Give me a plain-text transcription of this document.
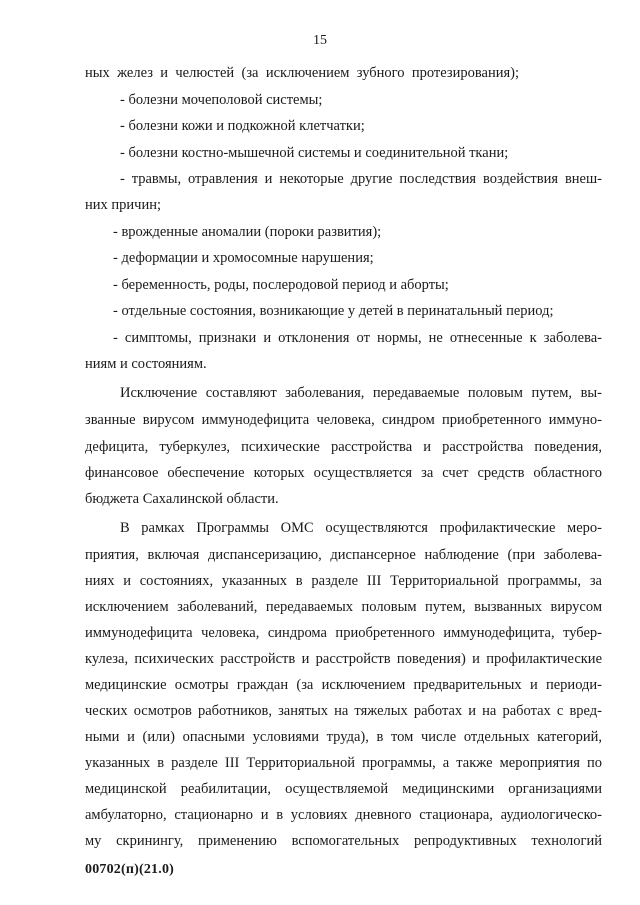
15
ных желез и челюстей (за исключением зубного протезирования);
- болезни мочеполовой системы;
- болезни кожи и подкожной клетчатки;
- болезни костно-мышечной системы и соединительной ткани;
- травмы, отравления и некоторые другие последствия воздействия внеш-
них причин;
- врожденные аномалии (пороки развития);
- деформации и хромосомные нарушения;
- беременность, роды, послеродовой период и аборты;
- отдельные состояния, возникающие у детей в перинатальный период;
- симптомы, признаки и отклонения от нормы, не отнесенные к заболева-
ниям и состояниям.
Исключение составляют заболевания, передаваемые половым путем, вы-
званные вирусом иммунодефицита человека, синдром приобретенного иммуно-
дефицита, туберкулез, психические расстройства и расстройства поведения,
финансовое обеспечение которых осуществляется за счет средств областного
бюджета Сахалинской области.
В рамках Программы ОМС осуществляются профилактические меро-
приятия, включая диспансеризацию, диспансерное наблюдение (при заболева-
ниях и состояниях, указанных в разделе III Территориальной программы, за
исключением заболеваний, передаваемых половым путем, вызванных вирусом
иммунодефицита человека, синдрома приобретенного иммунодефицита, тубер-
кулеза, психических расстройств и расстройств поведения) и профилактические
медицинские осмотры граждан (за исключением предварительных и периоди-
ческих осмотров работников, занятых на тяжелых работах и на работах с вред-
ными и (или) опасными условиями труда), в том числе отдельных категорий,
указанных в разделе III Территориальной программы, а также мероприятия по
медицинской реабилитации, осуществляемой медицинскими организациями
амбулаторно, стационарно и в условиях дневного стационара, аудиологическо-
му скринингу, применению вспомогательных репродуктивных технологий
00702(п)(21.0)
